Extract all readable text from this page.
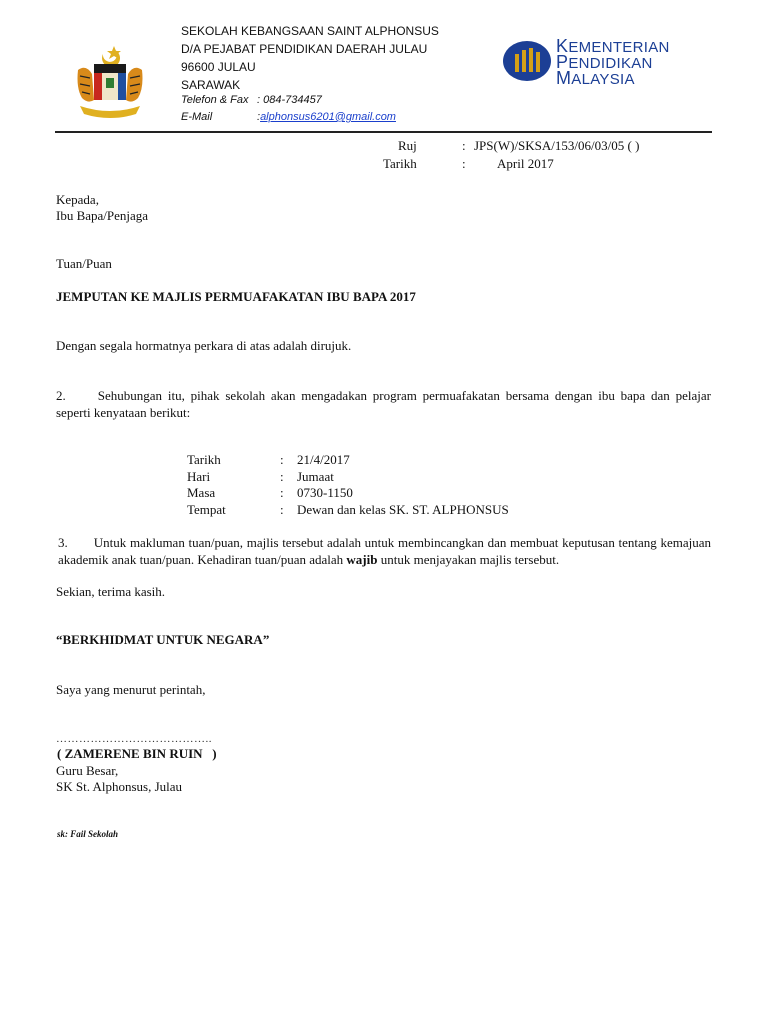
SEKOLAH KEBANGSAAN SAINT ALPHONSUS
D/A PEJABAT PENDIDIKAN DAERAH JULAU
96600 JULAU
SARAWAK
Telefon & Fax : 084-734457
E-Mail	: alphonsus6201@gmail.com
KEMENTERIAN
PENDIDIKAN
MALAYSIA
Ruj	: JPS(W)/SKSA/153/06/03/05 ( )
Tarikh	: April 2017
Kepada,
Ibu Bapa/Penjaga
Tuan/Puan
JEMPUTAN KE MAJLIS PERMUAFAKATAN IBU BAPA 2017
Dengan segala hormatnya perkara di atas adalah dirujuk.
2. Sehubungan itu, pihak sekolah akan mengadakan program permuafakatan bersama dengan ibu bapa dan pelajar seperti kenyataan berikut:
Tarikh	:	21/4/2017
Hari	:	Jumaat
Masa	:	0730-1150
Tempat	:	Dewan dan kelas SK. ST. ALPHONSUS
3. Untuk makluman tuan/puan, majlis tersebut adalah untuk membincangkan dan membuat keputusan tentang kemajuan akademik anak tuan/puan. Kehadiran tuan/puan adalah wajib untuk menjayakan majlis tersebut.
Sekian, terima kasih.
“BERKHIDMAT UNTUK NEGARA”
Saya yang menurut perintah,
…………………………………..
( ZAMERENE BIN RUIN   )
Guru Besar,
SK St. Alphonsus, Julau
sk: Fail Sekolah
